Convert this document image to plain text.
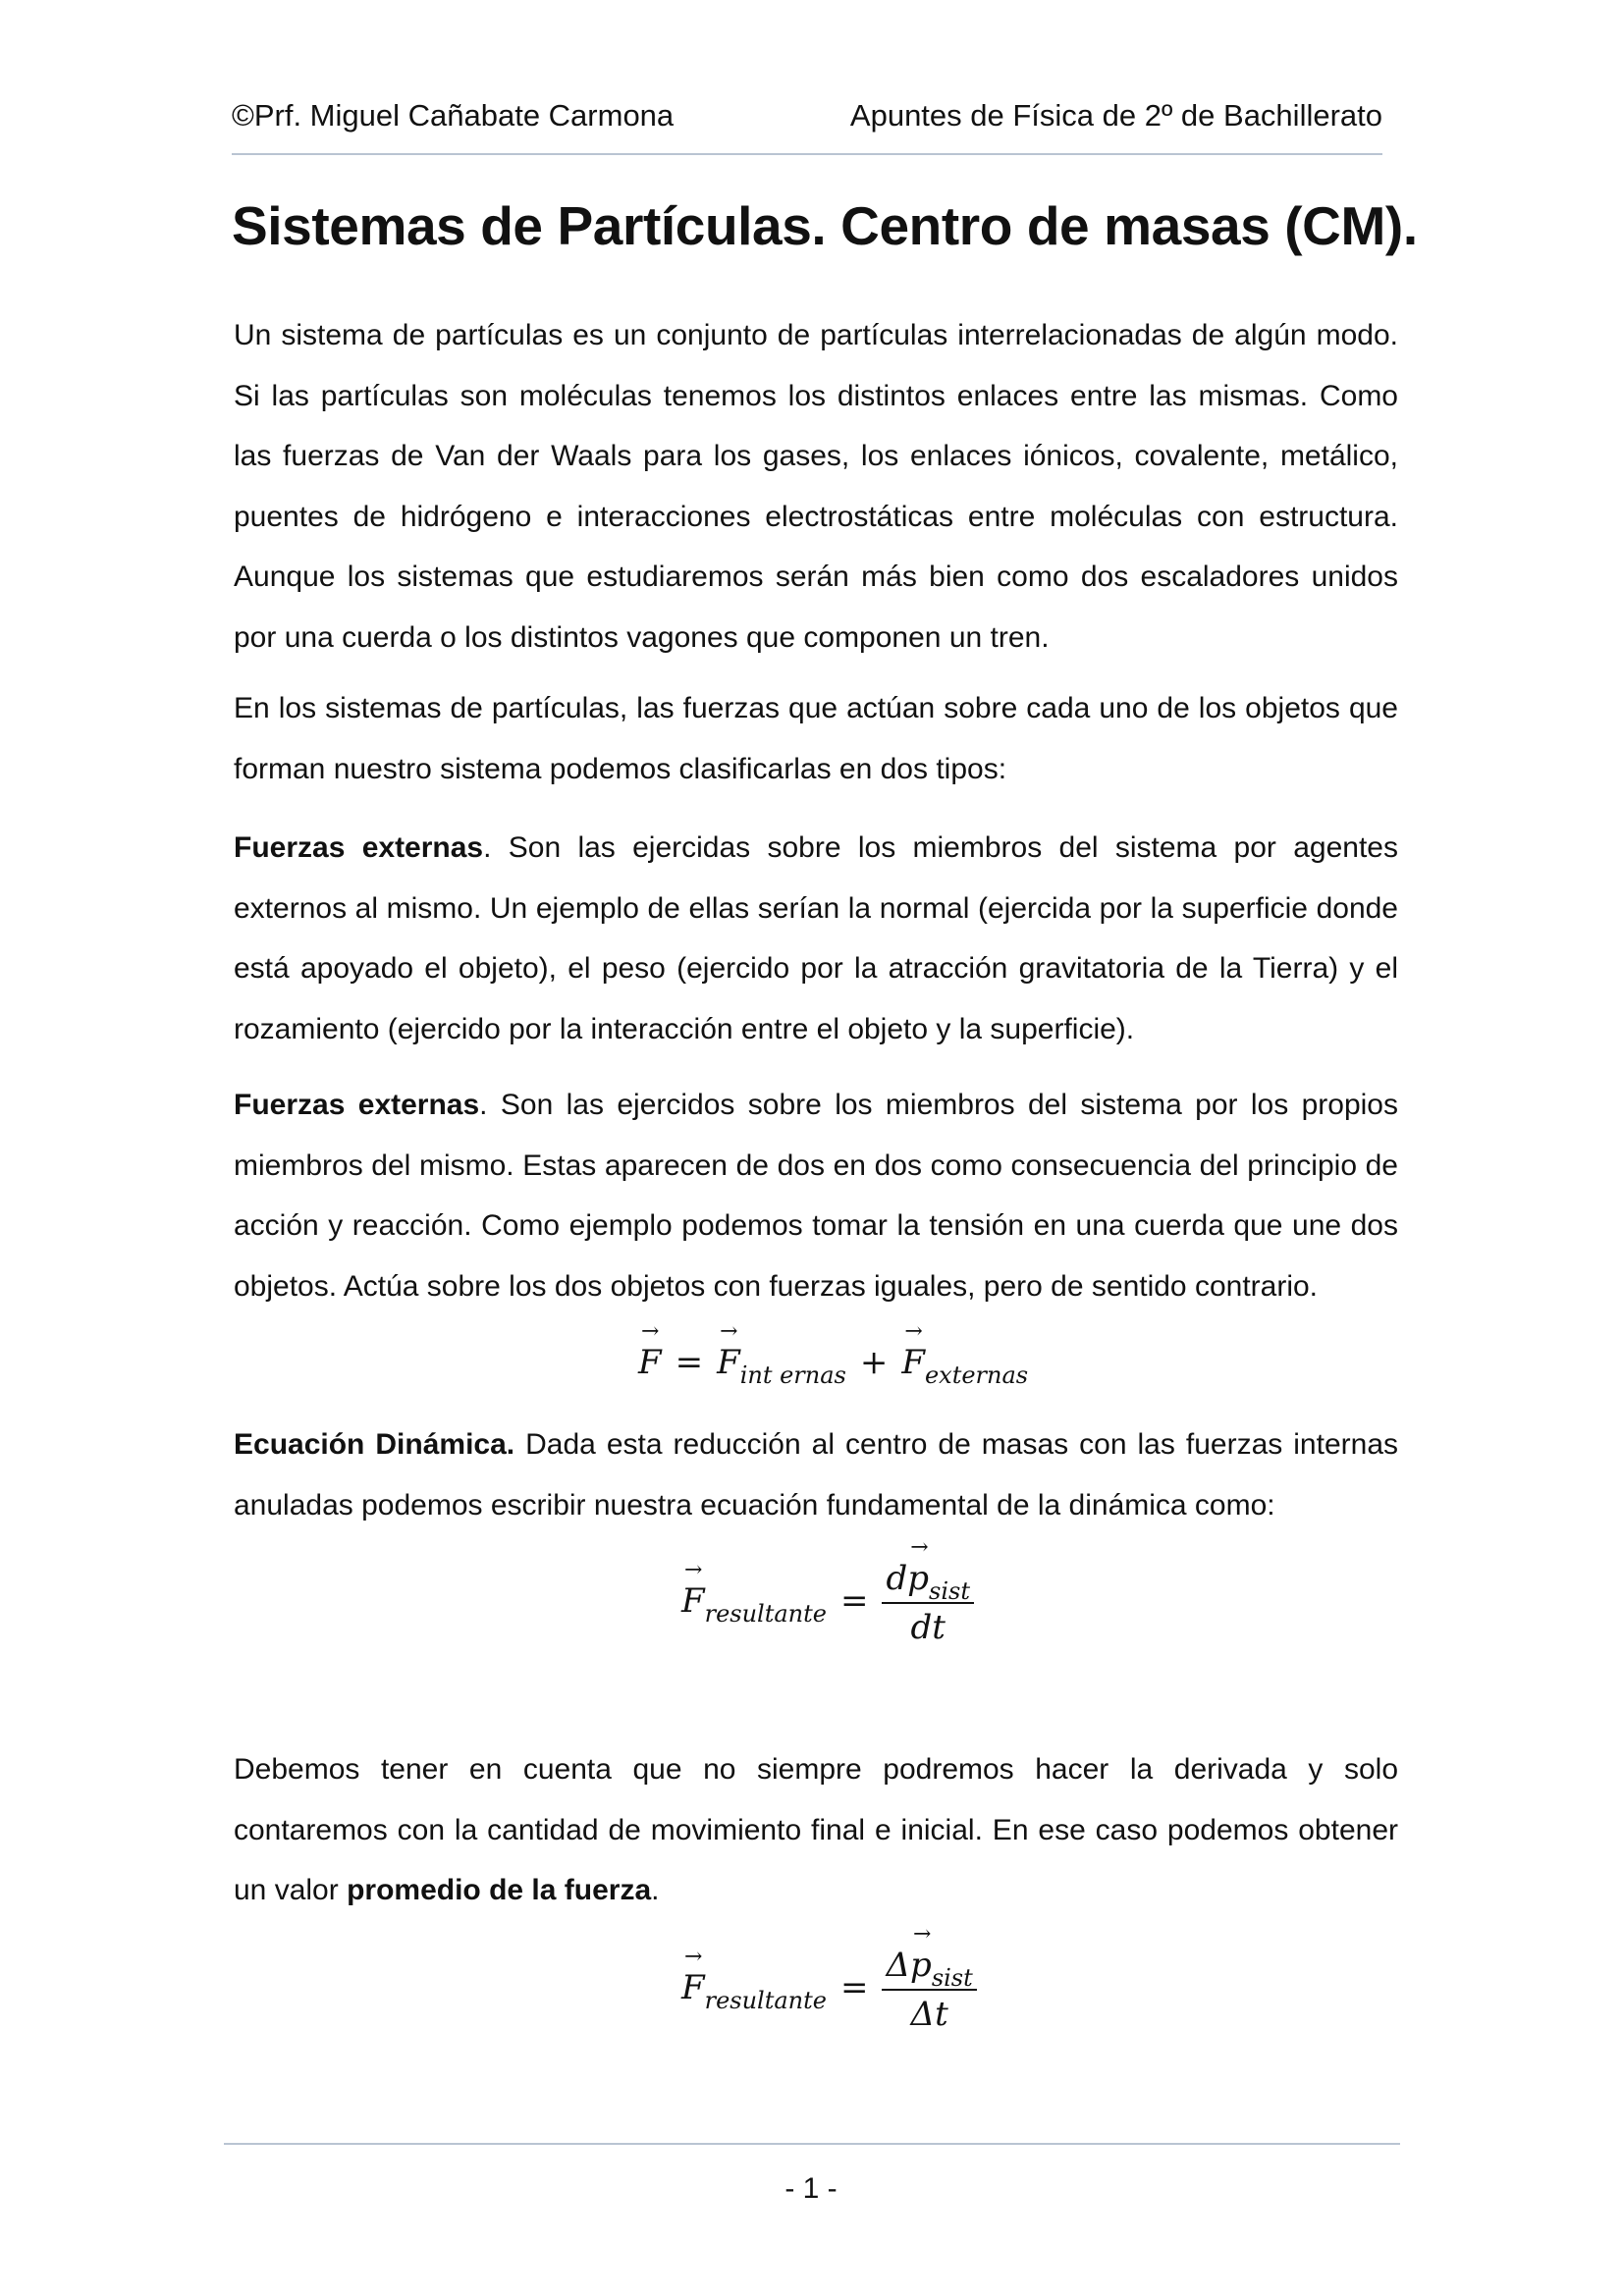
©Prf. Miguel Cañabate Carmona	Apuntes de Física de 2º de Bachillerato
Sistemas de Partículas. Centro de masas (CM).

Un sistema de partículas es un conjunto de partículas interrelacionadas de algún modo. Si las partículas son moléculas tenemos los distintos enlaces entre las mismas. Como las fuerzas de Van der Waals para los gases, los enlaces iónicos, covalente, metálico, puentes de hidrógeno e interacciones electrostáticas entre moléculas con estructura. Aunque los sistemas que estudiaremos serán más bien como dos escaladores unidos por una cuerda o los distintos vagones que componen un tren.

En los sistemas de partículas, las fuerzas que actúan sobre cada uno de los objetos que forman nuestro sistema podemos clasificarlas en dos tipos:

Fuerzas externas. Son las ejercidas sobre los miembros del sistema por agentes externos al mismo. Un ejemplo de ellas serían la normal (ejercida por la superficie donde está apoyado el objeto), el peso (ejercido por la atracción gravitatoria de la Tierra) y el rozamiento (ejercido por la interacción entre el objeto y la superficie).

Fuerzas externas. Son las ejercidos sobre los miembros del sistema por los propios miembros del mismo. Estas aparecen de dos en dos como consecuencia del principio de acción y reacción. Como ejemplo podemos tomar la tensión en una cuerda que une dos objetos. Actúa sobre los dos objetos con fuerzas iguales, pero de sentido contrario.

→ $F =\to F_{int ernas} +\to F_{externas}$

Ecuación Dinámica. Dada esta reducción al centro de masas con las fuerzas internas anuladas podemos escribir nuestra ecuación fundamental de la dinámica como:

→ $F_{resultante} = \frac{d\to p_{sist}}{dt}$

Debemos tener en cuenta que no siempre podremos hacer la derivada y solo contaremos con la cantidad de movimiento final e inicial. En ese caso podemos obtener un valor promedio de la fuerza.

→ $F_{resultante} = \frac{\Delta\to p_{sist}}{\Delta t}$
- 1 -
